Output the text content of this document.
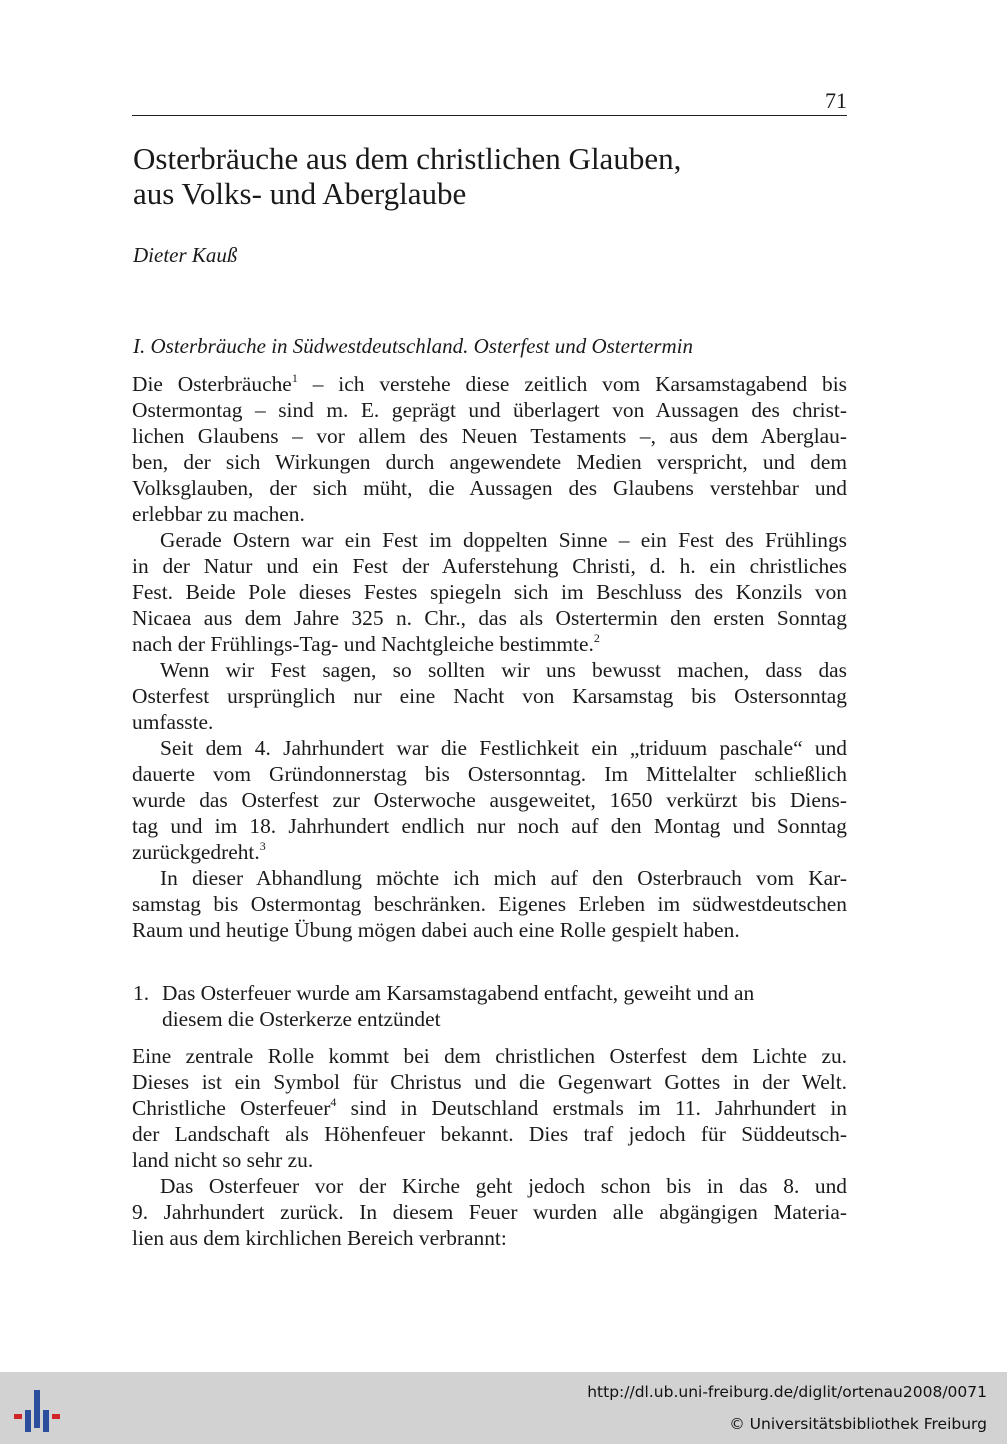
71
Osterbräuche aus dem christlichen Glauben,
aus Volks- und Aberglaube
Dieter Kauß
I. Osterbräuche in Südwestdeutschland. Osterfest und Ostertermin
Die Osterbräuche$^1$ – ich verstehe diese zeitlich vom Karsamstagabend bis
Ostermontag – sind m. E. geprägt und überlagert von Aussagen des christ-
lichen Glaubens – vor allem des Neuen Testaments –, aus dem Aberglau-
ben, der sich Wirkungen durch angewendete Medien verspricht, und dem
Volksglauben, der sich müht, die Aussagen des Glaubens verstehbar und
erlebbar zu machen.
Gerade Ostern war ein Fest im doppelten Sinne – ein Fest des Frühlings
in der Natur und ein Fest der Auferstehung Christi, d. h. ein christliches
Fest. Beide Pole dieses Festes spiegeln sich im Beschluss des Konzils von
Nicaea aus dem Jahre 325 n. Chr., das als Ostertermin den ersten Sonntag
nach der Frühlings-Tag- und Nachtgleiche bestimmte.$^2$
Wenn wir Fest sagen, so sollten wir uns bewusst machen, dass das
Osterfest ursprünglich nur eine Nacht von Karsamstag bis Ostersonntag
umfasste.
Seit dem 4. Jahrhundert war die Festlichkeit ein „triduum paschale“ und
dauerte vom Gründonnerstag bis Ostersonntag. Im Mittelalter schließlich
wurde das Osterfest zur Osterwoche ausgeweitet, 1650 verkürzt bis Diens-
tag und im 18. Jahrhundert endlich nur noch auf den Montag und Sonntag
zurückgedreht.$^3$
In dieser Abhandlung möchte ich mich auf den Osterbrauch vom Kar-
samstag bis Ostermontag beschränken. Eigenes Erleben im südwestdeutschen
Raum und heutige Übung mögen dabei auch eine Rolle gespielt haben.
1. Das Osterfeuer wurde am Karsamstagabend entfacht, geweiht und an
diesem die Osterkerze entzündet
Eine zentrale Rolle kommt bei dem christlichen Osterfest dem Lichte zu.
Dieses ist ein Symbol für Christus und die Gegenwart Gottes in der Welt.
Christliche Osterfeuer$^4$ sind in Deutschland erstmals im 11. Jahrhundert in
der Landschaft als Höhenfeuer bekannt. Dies traf jedoch für Süddeutsch-
land nicht so sehr zu.
Das Osterfeuer vor der Kirche geht jedoch schon bis in das 8. und
9. Jahrhundert zurück. In diesem Feuer wurden alle abgängigen Materia-
lien aus dem kirchlichen Bereich verbrannt:
http://dl.ub.uni-freiburg.de/diglit/ortenau2008/0071
© Universitätsbibliothek Freiburg
